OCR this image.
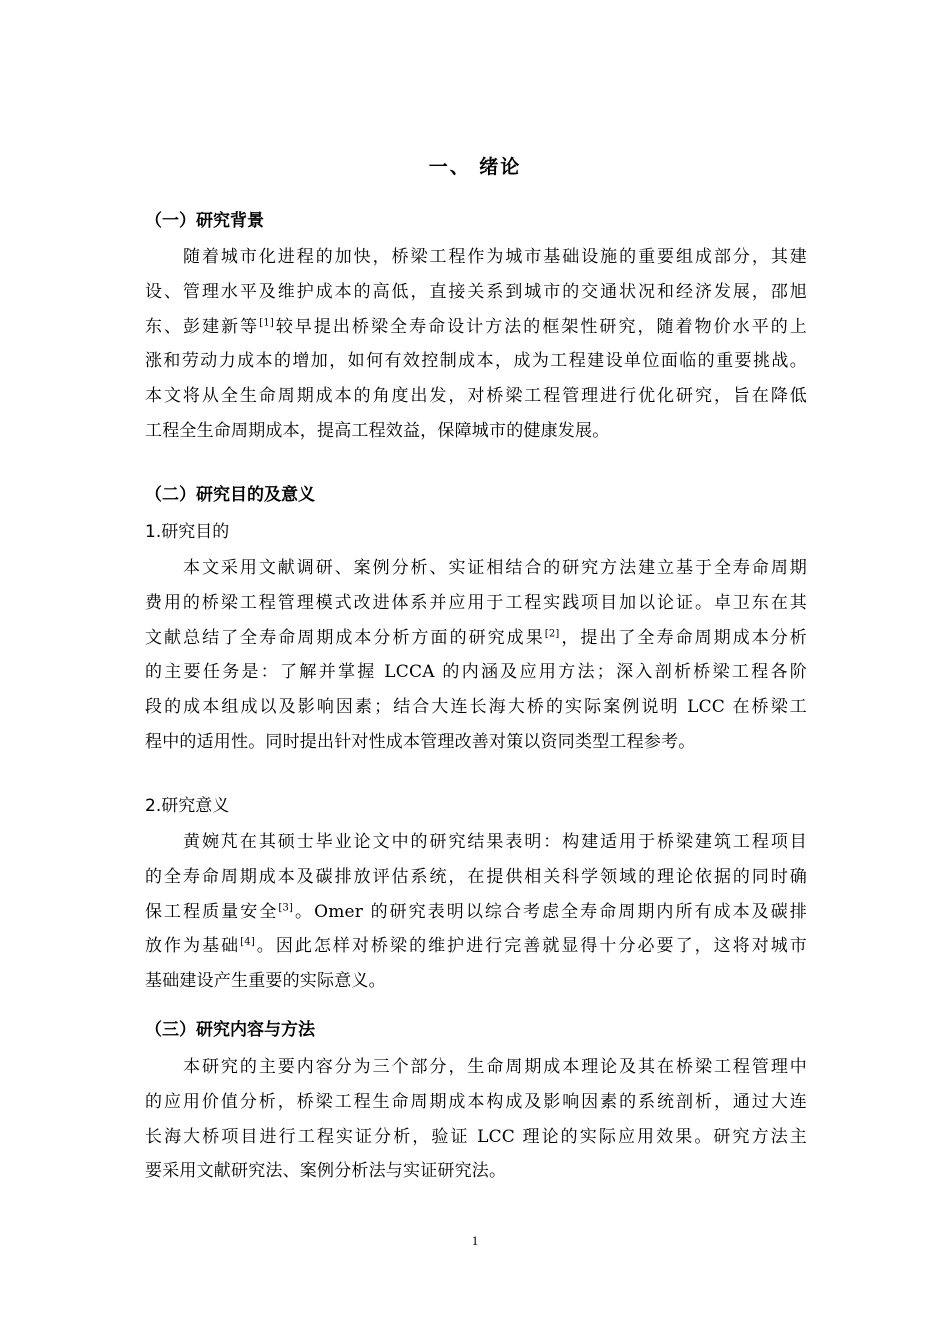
一、 绪论
（一）研究背景
随着城市化进程的加快，桥梁工程作为城市基础设施的重要组成部分，其建
设、管理水平及维护成本的高低，直接关系到城市的交通状况和经济发展，邵旭
东、彭建新等[1]较早提出桥梁全寿命设计方法的框架性研究，随着物价水平的上
涨和劳动力成本的增加，如何有效控制成本，成为工程建设单位面临的重要挑战。
本文将从全生命周期成本的角度出发，对桥梁工程管理进行优化研究，旨在降低
工程全生命周期成本，提高工程效益，保障城市的健康发展。
（二）研究目的及意义
1.研究目的
本文采用文献调研、案例分析、实证相结合的研究方法建立基于全寿命周期
费用的桥梁工程管理模式改进体系并应用于工程实践项目加以论证。卓卫东在其
文献总结了全寿命周期成本分析方面的研究成果[2]，提出了全寿命周期成本分析
的主要任务是：了解并掌握 LCCA 的内涵及应用方法；深入剖析桥梁工程各阶
段的成本组成以及影响因素；结合大连长海大桥的实际案例说明 LCC 在桥梁工
程中的适用性。同时提出针对性成本管理改善对策以资同类型工程参考。
2.研究意义
黄婉芃在其硕士毕业论文中的研究结果表明：构建适用于桥梁建筑工程项目
的全寿命周期成本及碳排放评估系统，在提供相关科学领域的理论依据的同时确
保工程质量安全[3]。Omer 的研究表明以综合考虑全寿命周期内所有成本及碳排
放作为基础[4]。因此怎样对桥梁的维护进行完善就显得十分必要了，这将对城市
基础建设产生重要的实际意义。
（三）研究内容与方法
本研究的主要内容分为三个部分，生命周期成本理论及其在桥梁工程管理中
的应用价值分析，桥梁工程生命周期成本构成及影响因素的系统剖析，通过大连
长海大桥项目进行工程实证分析，验证 LCC 理论的实际应用效果。研究方法主
要采用文献研究法、案例分析法与实证研究法。
1
